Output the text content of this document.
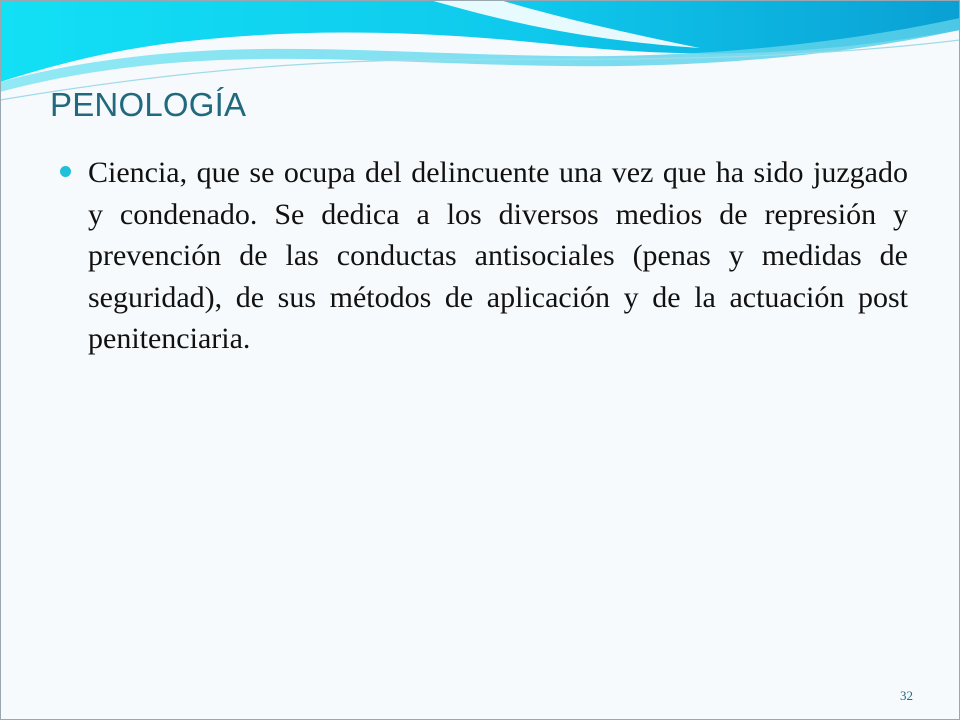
PENOLOGÍA

Ciencia, que se ocupa del delincuente una vez que ha sido juzgado y condenado. Se dedica a los diversos medios de represión y prevención de las conductas antisociales (penas y medidas de seguridad), de sus métodos de aplicación y de la actuación post penitenciaria.

32
